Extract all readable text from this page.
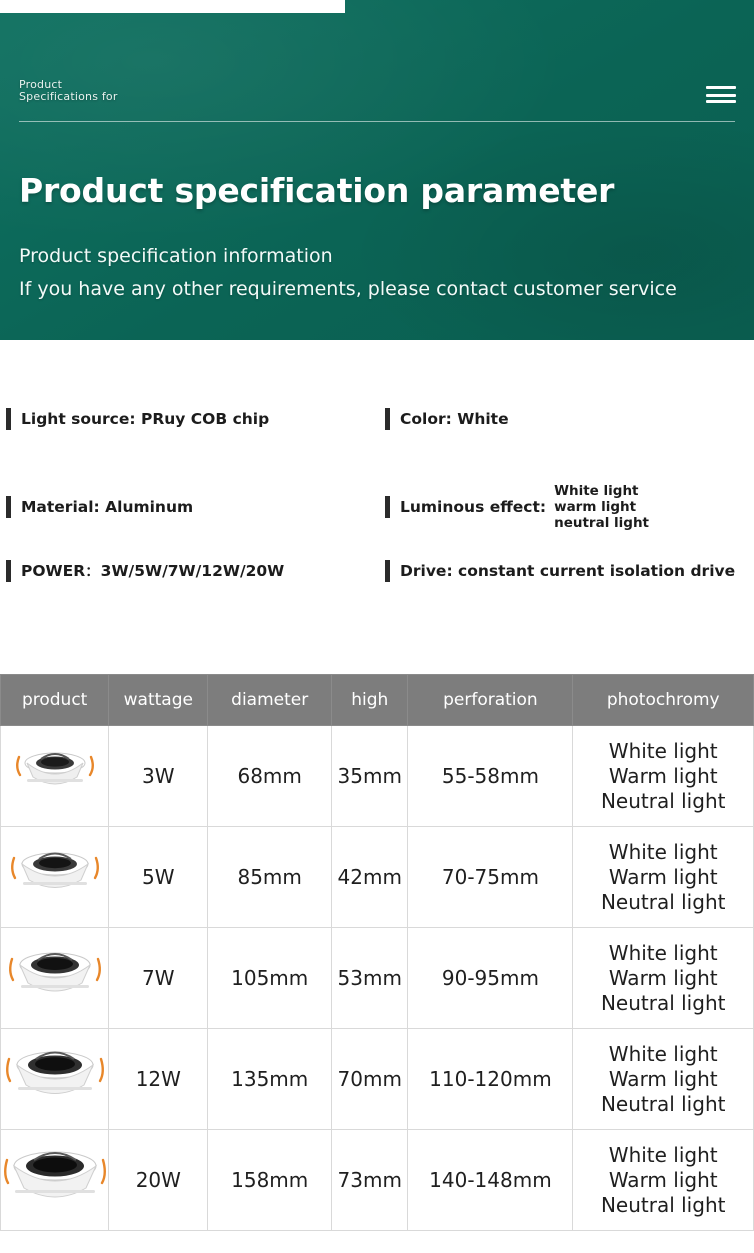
Product
Specifications for
Product specification parameter
Product specification information
If you have any other requirements, please contact customer service
Light source: PRuy COB chip	Color: White
Material: Aluminum	Luminous effect:
White light
warm light
neutral light
POWER：3W/5W/7W/12W/20W	Drive: constant current isolation drive
product	wattage	diameter	high	perforation	photochromy

	3W	68mm	35mm	55-58mm	White light
Warm light
Neutral light

	5W	85mm	42mm	70-75mm	White light
Warm light
Neutral light

	7W	105mm	53mm	90-95mm	White light
Warm light
Neutral light

	12W	135mm	70mm	110-120mm	White light
Warm light
Neutral light

	20W	158mm	73mm	140-148mm	White light
Warm light
Neutral light
